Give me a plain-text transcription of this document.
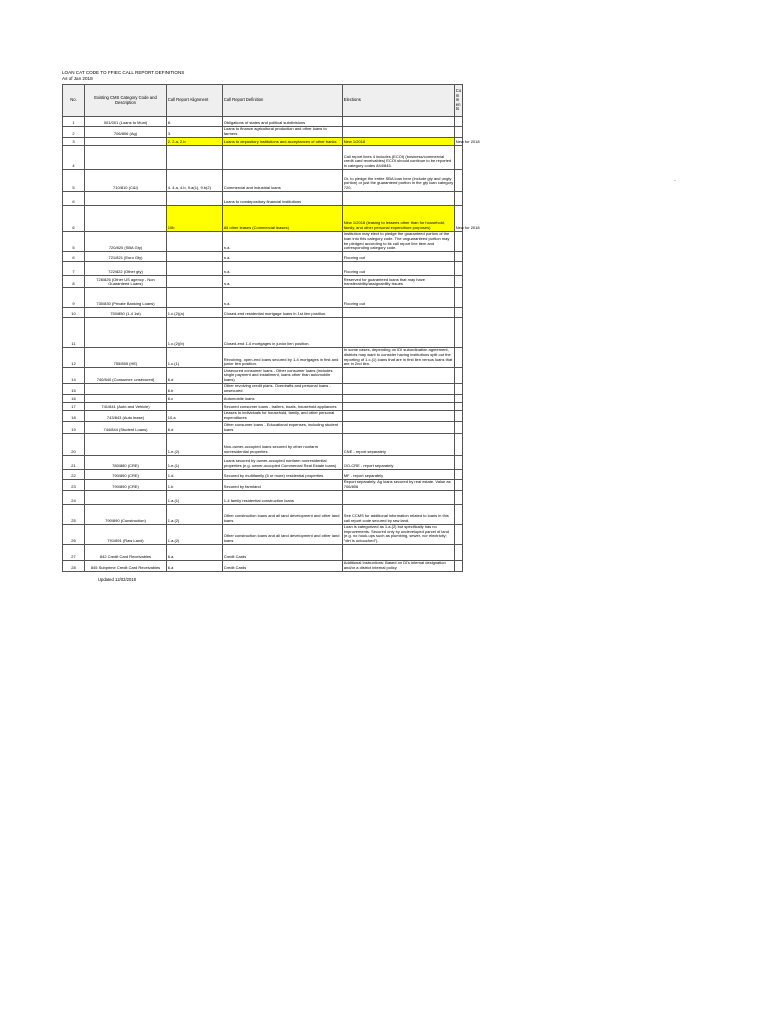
-
LOAN CAT CODE TO FFIEC CALL REPORT DEFINITIONS
As of Jan 2018
No.	Existing CMS Category Code and Description	Call Report Alignment	Call Report Definition	Elections	Comments
1	001/001 (Loans to Muni)	8.	Obligations of states and political subdivisions		
2	706/806 (Ag)	3.	Loans to finance agricultural production and other loans to farmers		
3		2. 2.a, 2.b	Loans to depository institutions and acceptances of other banks	New 1/2018	New for 2018
4				Call report lines 4 includes (ECOI) (business/commercial credit card receivables) ECOI should continue to be reported in category codes 844/845.	
5	710/810 (C&I)	4. 4.a, 4.b, 9.a(1), 9.b(2)	Commercial and industrial loans	Or, to pledge the entire SBA loan here (include gty and ungty portion) or just the guaranteed portion in the gty loan category 720.	
6			Loans to nondepository financial institutions		
6		10b	All other leases (Commercial leases)	New 1/2018 (leasing to lessees other than for household, family, and other personal expenditure purposes)	New for 2018
5	720/820 (SBA Gty)		n.a.	Institution may elect to pledge the guaranteed portion of the loan into this category code. The unguaranteed portion may be pledged according to its call report line item and corresponding category code.	
6	721/821 (Euro Gty)		n.a.	Flooring out	
7	722/822 (Other gty)		n.a.	Flooring out	
8	726/826 (Other US agency - Non Guaranteed Loans)		n.a.	Reserved for guaranteed loans that may have transferability/assignability issues	
9	730/830 (Private Banking Loans)		n.a.	Flooring out	
10	750/850 (1-4 1st)	1.c.(2)(a)	Closed-end residential mortgage loans in 1st lien position.		
11		1.c.(2)(b)	Closed-end 1-4 mortgages in junior lien position.		
12	755/855 (HE)	1.c.(1)	Revolving, open-end loans secured by 1-4 mortgages in first and junior lien position.	In some cases, depending on IDI subordination agreement, districts may want to consider having institutions split out the reporting of 1.c.(1) loans that are in first lien versus loans that are in 2nd lien.	
14	740/840 (Consumer: unsecured)	6.d	Unsecured consumer loans - Other consumer loans (includes single payment and installment, loans other than automobile loans)		
15		6.b	Other revolving credit plans. Overdrafts and personal loans - unsecured		
16		6.c	Automobile loans		
17	741/841 (Auto and Vehicle)		Secured consumer loans - trailers, boats, household appliances		
18	743/843 (Auto lease)	10.a	Leases to individuals for household, family, and other personal expenditures		
19	744/844 (Student Loans)	6.d	Other consumer loans - Educational expenses, including student loans		
20		1.e.(2)	Non-owner-occupied loans secured by other nonfarm nonresidential properties	CNE - report separately	
21	780/880 (CRE)	1.e.(1)	Loans secured by owner-occupied nonfarm nonresidential properties (e.g. owner-occupied Commercial Real Estate loans)	OO-CRE - report separately	
22	790/890 (CRE)	1.d.	Secured by multifamily (5 or more) residential properties	MF - report separately	
23	790/890 (CRE)	1.b	Secured by farmland	Report separately. Ag loans secured by real estate. Value as 706/806	
24		1.a.(1)	1-4 family residential construction loans		
25	790/890 (Construction)	1.a.(2)	Other construction loans and all land development and other land loans	See CCMS for additional information related to loans in this call report code secured by raw land.	
26	791/891 (Raw Land)	1.a.(2)	Other construction loans and all land development and other land loans	Loan is categorized as 1.a.(2) but specifically has no improvements. Secured only by undeveloped parcel of land (e.g. no hook-ups such as plumbing, sewer, nor electricity; "dirt is untouched").	
27	842 Credit Card Receivables	6.a	Credit Cards		
28	845 Subprime Credit Card Receivables	6.a	Credit Cards	Additional Instructions: Based on DI's internal designation and/or a district internal policy	
Updated 12/02/2018
